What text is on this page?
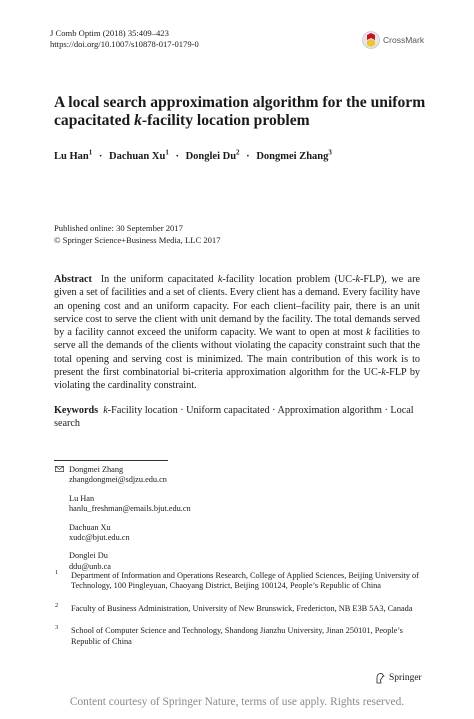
J Comb Optim (2018) 35:409–423
https://doi.org/10.1007/s10878-017-0179-0	CrossMark
A local search approximation algorithm for the uniform
capacitated k-facility location problem
Lu Han$^1$ · Dachuan $Xu^1$ · Donglei $Du^2$ · Dongmei Zhang$^3$
Published online: 30 September 2017
© Springer Science+Business Media, LLC 2017
Abstract In the uniform capacitated k-facility location problem (UC-k-FLP), we are given a set of facilities and a set of clients. Every client has a demand. Every facility have an opening cost and an uniform capacity. For each client–facility pair, there is an unit service cost to serve the client with unit demand by the facility. The total demands served by a facility cannot exceed the uniform capacity. We want to open at most k facilities to serve all the demands of the clients without violating the capacity constraint such that the total opening and serving cost is minimized. The main contribution of this work is to present the first combinatorial bi-criteria approximation algorithm for the UC-k-FLP by violating the cardinality constraint.
Keywords k-Facility location · Uniform capacitated · Approximation algorithm · Local search
Dongmei Zhang
zhangdongmei@sdjzu.edu.cn
Lu Han
hanlu_freshman@emails.bjut.edu.cn
Dachuan Xu
xudc@bjut.edu.cn
Donglei Du
ddu@unb.ca
1 Department of Information and Operations Research, College of Applied Sciences, Beijing University of Technology, 100 Pingleyuan, Chaoyang District, Beijing 100124, People’s Republic of China
2 Faculty of Business Administration, University of New Brunswick, Fredericton, NB E3B 5A3, Canada
3 School of Computer Science and Technology, Shandong Jianzhu University, Jinan 250101, People’s Republic of China
Springer
Content courtesy of Springer Nature, terms of use apply. Rights reserved.
